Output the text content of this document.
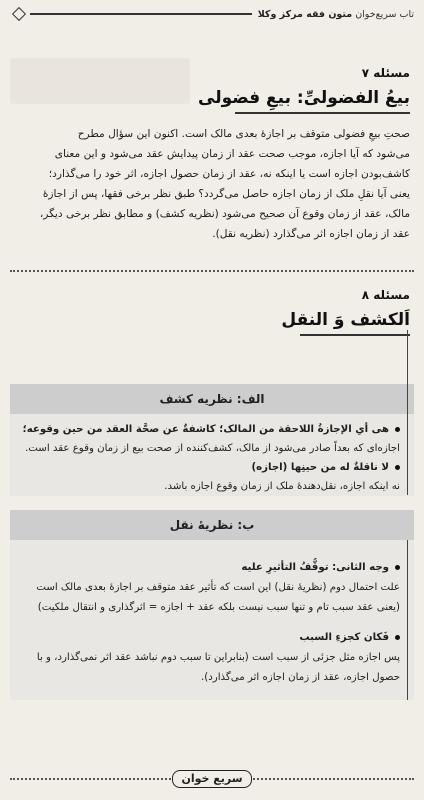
تاب سریع‌خوان متون فقه مرکز وکلا
مسئله ۷
بیعُ الفضولیِّ: بیعِ فضولی

صحتِ بیعِ فضولی متوقف بر اجازهٔ بعدی مالک است. اکنون این سؤال مطرح

می‌شود که آیا اجازه، موجب صحت عقد از زمان پیدایش عقد می‌شود و این معنای

کاشف‌بودن اجازه است یا اینکه نه، عقد از زمان حصول اجازه، اثر خود را می‌گذارد؛

یعنی آیا نقلِ ملک از زمان اجازه حاصل می‌گردد؟ طبق نظر برخی فقها، پس از اجازهٔ

مالک، عقد از زمان وقوع آن صحیح می‌شود (نظریه کشف) و مطابق نظر برخی دیگر،

عقد از زمان اجازه اثر می‌گذارد (نظریه نقل).

مسئله ۸
اَلکشف وَ النقل
الف: نظریه کشف
هی أیِ الإجازةُ اللاحقة من المالک؛ کاشفةٌ عن صحَّة العقد من حین وقوعه؛
اجازه‌ای که بعداً صادر می‌شود از مالک، کشف‌کننده از صحت بیع از زمان وقوع عقد است.
لا ناقلةٌ له من حینِها (اجازه)
نه اینکه اجازه، نقل‌دهندهٔ ملک از زمان وقوع اجازه باشد.
ب: نظریهٔ نقل
وجه الثانی: توقُّفُ التأثیرِ علیه
علت احتمال دوم (نظریهٔ نقل) این است که تأثیر عقد متوقف بر اجازهٔ بعدی مالک است
(یعنی عقد سبب تام و تنها سبب نیست بلکه عقد + اجازه = اثرگذاری و انتقال ملکیت)
فَکان کجزءِ السبب
پس اجازه مثل جزئی از سبب است (بنابراین تا سبب دوم نباشد عقد اثر نمی‌گذارد، و با
حصول اجازه، عقد از زمان اجازه اثر می‌گذارد).
سریع خوان
